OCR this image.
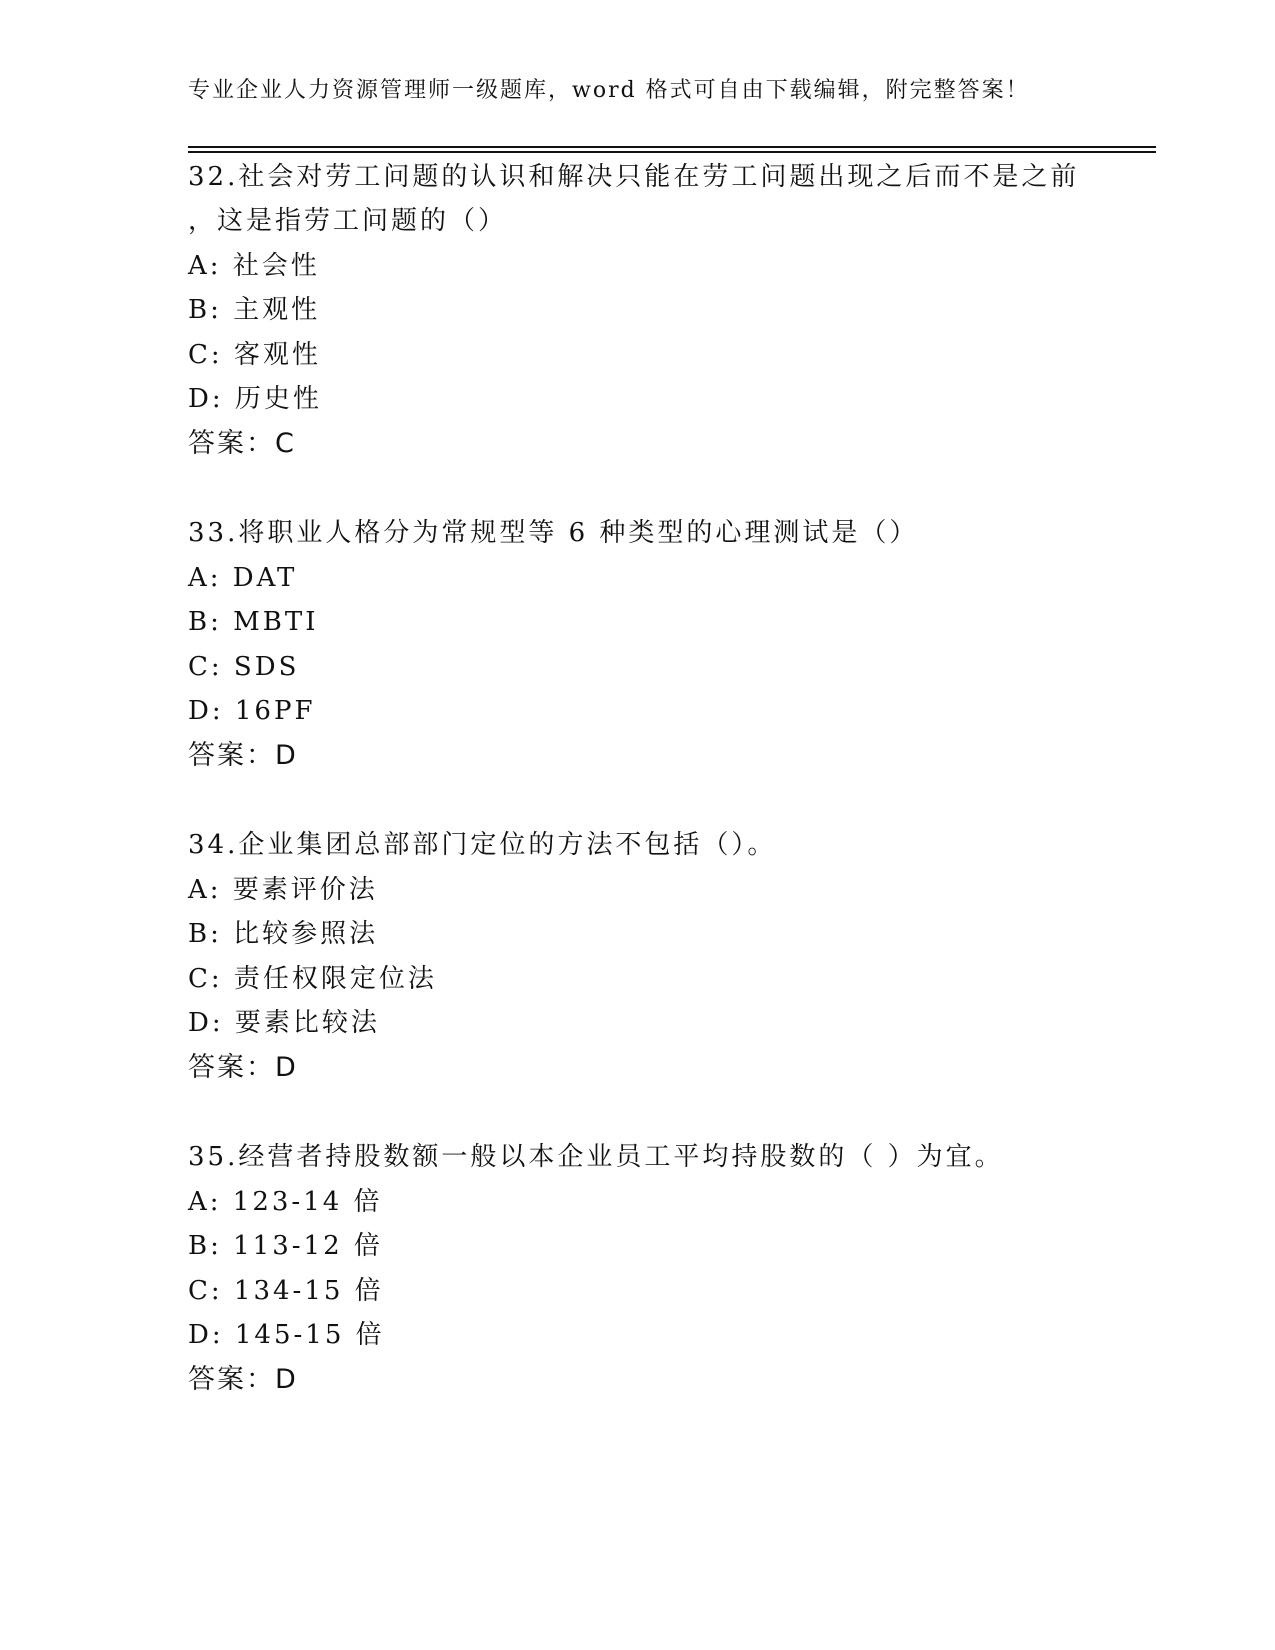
专业企业人力资源管理师一级题库，word 格式可自由下载编辑，附完整答案！
32.社会对劳工问题的认识和解决只能在劳工问题出现之后而不是之前
，这是指劳工问题的（）
A: 社会性
B: 主观性
C: 客观性
D: 历史性
答案：C
33.将职业人格分为常规型等 6 种类型的心理测试是（）
A: DAT
B: MBTI
C: SDS
D: 16PF
答案：D
34.企业集团总部部门定位的方法不包括（）。
A: 要素评价法
B: 比较参照法
C: 责任权限定位法
D: 要素比较法
答案：D
35.经营者持股数额一般以本企业员工平均持股数的（ ）为宜。
A: 123-14 倍
B: 113-12 倍
C: 134-15 倍
D: 145-15 倍
答案：D
